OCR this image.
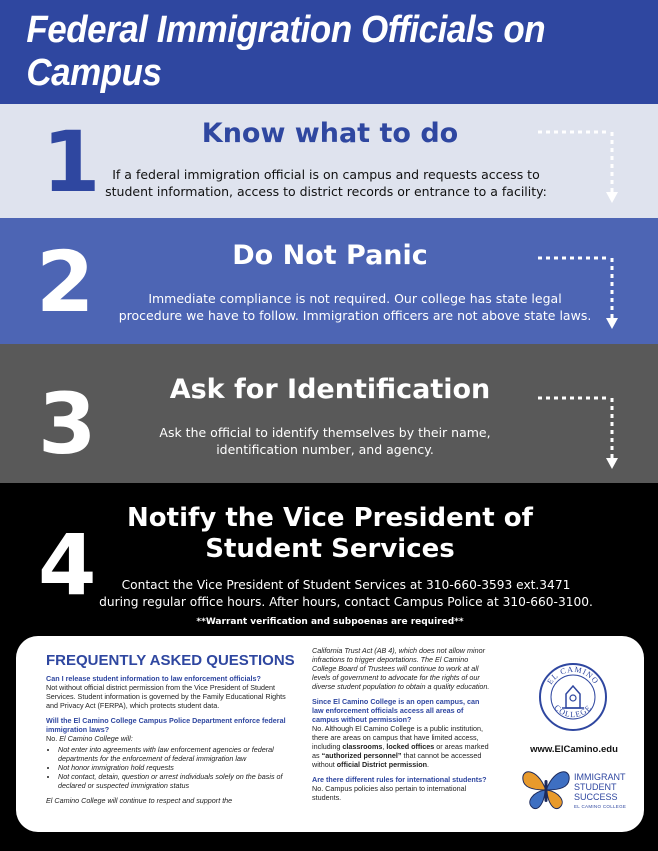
Federal Immigration Officials on Campus
1	Know what to do
If a federal immigration official is on campus and requests access to
student information, access to district records or entrance to a facility:
2	Do Not Panic
Immediate compliance is not required. Our college has state legal
procedure we have to follow. Immigration officers are not above state laws.
3	Ask for Identification
Ask the official to identify themselves by their name,
identification number, and agency.
4	Notify the Vice President of
Student Services
Contact the Vice President of Student Services at 310-660-3593 ext.3471
during regular office hours. After hours, contact Campus Police at 310-660-3100.
**Warrant verification and subpoenas are required**
FREQUENTLY ASKED QUESTIONS

Can I release student information to law enforcement officials?

Not without official district permission from the Vice President of Student Services. Student information is governed by the Family Educational Rights and Privacy Act (FERPA), which protects student data.

Will the El Camino College Campus Police Department enforce federal immigration laws?

No. El Camino College will:

• Not enter into agreements with law enforcement agencies or federal departments for the enforcement of federal immigration law
• Not honor immigration hold requests
• Not contact, detain, question or arrest individuals solely on the basis of declared or suspected immigration status

El Camino College will continue to respect and support the

California Trust Act (AB 4), which does not allow minor infractions to trigger deportations. The El Camino College Board of Trustees will continue to work at all levels of government to advocate for the rights of our diverse student population to obtain a quality education.

Since El Camino College is an open campus, can law enforcement officials access all areas of campus without permission?

No. Although El Camino College is a public institution, there are areas on campus that have limited access, including classrooms, locked offices or areas marked as “authorized personnel” that cannot be accessed without official District permission.

Are there different rules for international students?

No. Campus policies also pertain to international students.

EL CAMINO
COLLEGE
www.ElCamino.edu
IMMIGRANT
STUDENT
SUCCESS
EL CAMINO COLLEGE
